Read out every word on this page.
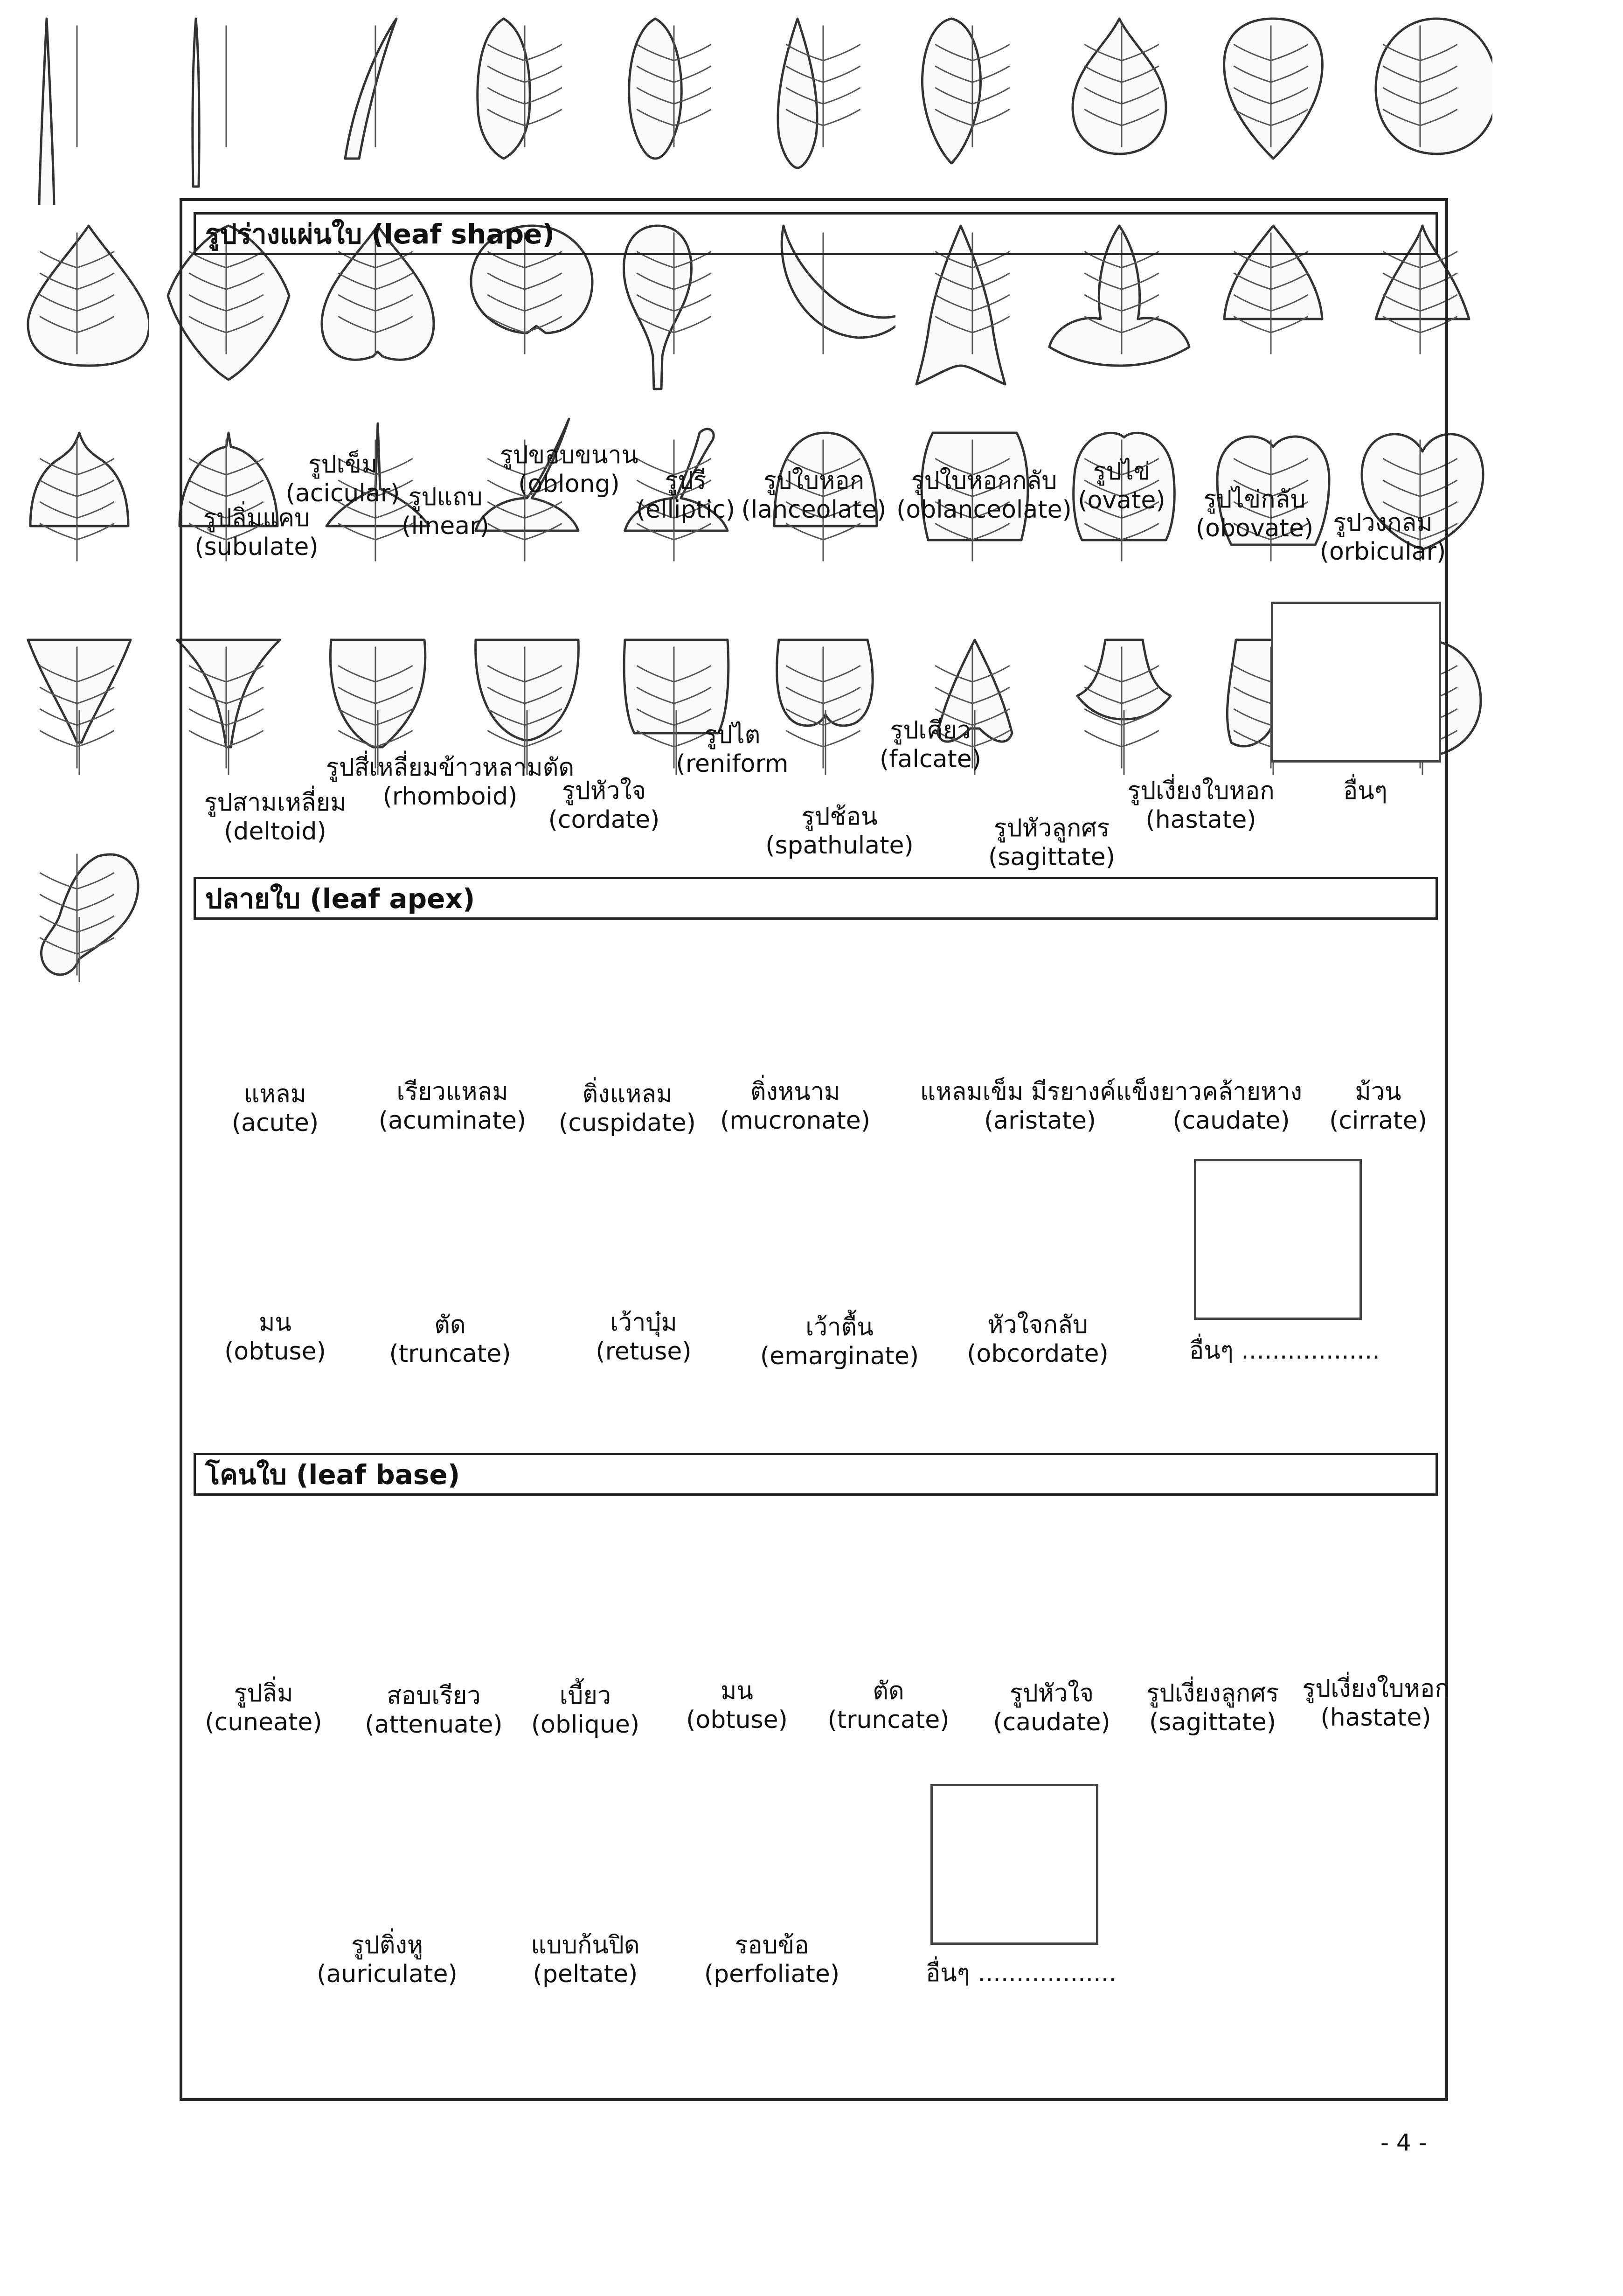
รูปร่างแผ่นใบ (leaf shape)
ปลายใบ (leaf apex)
โคนใบ (leaf base)
รูปลิ่มแคบ
(subulate)
รูปเข็ม
(acicular) รูปแถบ
(linear)
รูปขอบขนาน
(oblong)	รูปรี
(elliptic)
รูปใบหอก
(lanceolate)
รูปใบหอกกลับ
(oblanceolate)
รูปไข่
(ovate)	รูปไข่กลับ
(obovate) รูปวงกลม
(orbicular)
รูปสามเหลี่ยม
(deltoid)
รูปสี่เหลี่ยมข้าวหลามตัด
(rhomboid)	รูปหัวใจ
(cordate)
รูปไต
(reniform
รูปช้อน
(spathulate)
รูปเคียว
(falcate)
รูปหัวลูกศร
(sagittate)
รูปเงี่ยงใบหอก
(hastate)
แหลม
(acute)
เรียวแหลม
(acuminate)
ติ่งแหลม
(cuspidate)
ติ่งหนาม
(mucronate)
แหลมเข็ม มีรยางค์แข็ง
(aristate)
ยาวคล้ายหาง
(caudate)
ม้วน
(cirrate)
มน
(obtuse)
ตัด
(truncate)
เว้าบุ๋ม
(retuse)
เว้าตื้น
(emarginate)
หัวใจกลับ
(obcordate)
รูปลิ่ม
(cuneate)
สอบเรียว
(attenuate)
เบี้ยว
(oblique)
มน
(obtuse)
ตัด
(truncate)
รูปหัวใจ
(caudate)
รูปเงี่ยงลูกศร
(sagittate)
รูปเงี่ยงใบหอก
(hastate)
รูปติ่งหู
(auriculate)
แบบก้นปิด
(peltate)
รอบข้อ
(perfoliate)
อื่นๆ
อื่นๆ ..................
อื่นๆ ..................
- 4 -
